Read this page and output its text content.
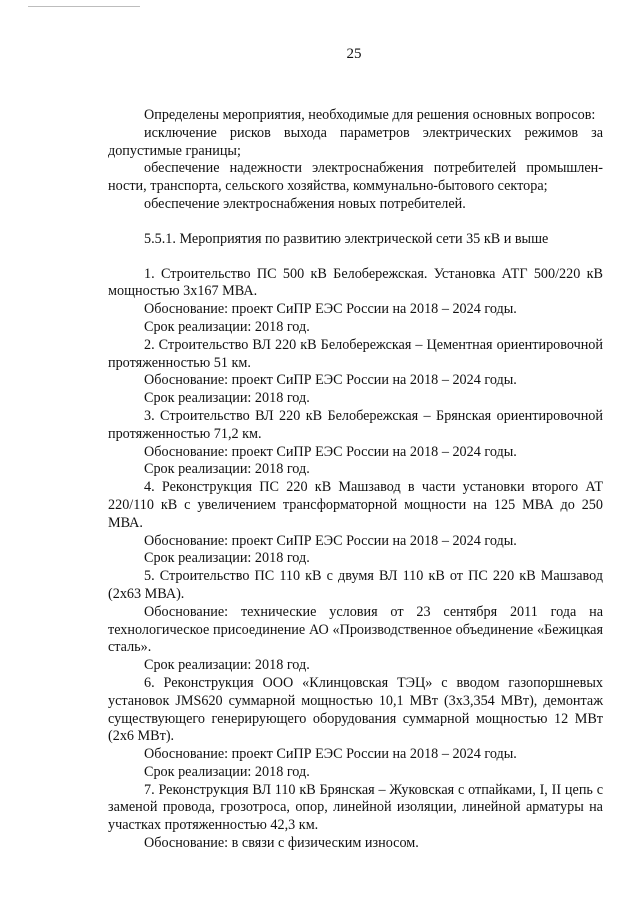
25

Определены мероприятия, необходимые для решения основных вопросов:

исключение рисков выхода параметров электрических режимов за допустимые границы;

обеспечение надежности электроснабжения потребителей промышленности, транспорта, сельского хозяйства, коммунально-бытового сектора;

обеспечение электроснабжения новых потребителей.

5.5.1. Мероприятия по развитию электрической сети 35 кВ и выше

1. Строительство ПС 500 кВ Белобережская. Установка АТГ 500/220 кВ мощностью 3х167 МВА.

Обоснование: проект СиПР ЕЭС России на 2018 – 2024 годы.

Срок реализации: 2018 год.

2. Строительство ВЛ 220 кВ Белобережская – Цементная ориентировочной протяженностью 51 км.

Обоснование: проект СиПР ЕЭС России на 2018 – 2024 годы.

Срок реализации: 2018 год.

3. Строительство ВЛ 220 кВ Белобережская – Брянская ориентировочной протяженностью 71,2 км.

Обоснование: проект СиПР ЕЭС России на 2018 – 2024 годы.

Срок реализации: 2018 год.

4. Реконструкция ПС 220 кВ Машзавод в части установки второго АТ 220/110 кВ с увеличением трансформаторной мощности на 125 МВА до 250 МВА.

Обоснование: проект СиПР ЕЭС России на 2018 – 2024 годы.

Срок реализации: 2018 год.

5. Строительство ПС 110 кВ с двумя ВЛ 110 кВ от ПС 220 кВ Машзавод (2х63 МВА).

Обоснование: технические условия от 23 сентября 2011 года на технологическое присоединение АО «Производственное объединение «Бежицкая сталь».

Срок реализации: 2018 год.

6. Реконструкция ООО «Клинцовская ТЭЦ» с вводом газопоршневых установок JMS620 суммарной мощностью 10,1 МВт (3х3,354 МВт), демонтаж существующего генерирующего оборудования суммарной мощностью 12 МВт (2х6 МВт).

Обоснование: проект СиПР ЕЭС России на 2018 – 2024 годы.

Срок реализации: 2018 год.

7. Реконструкция ВЛ 110 кВ Брянская – Жуковская с отпайками, I, II цепь с заменой провода, грозотроса, опор, линейной изоляции, линейной арматуры на участках протяженностью 42,3 км.

Обоснование: в связи с физическим износом.
